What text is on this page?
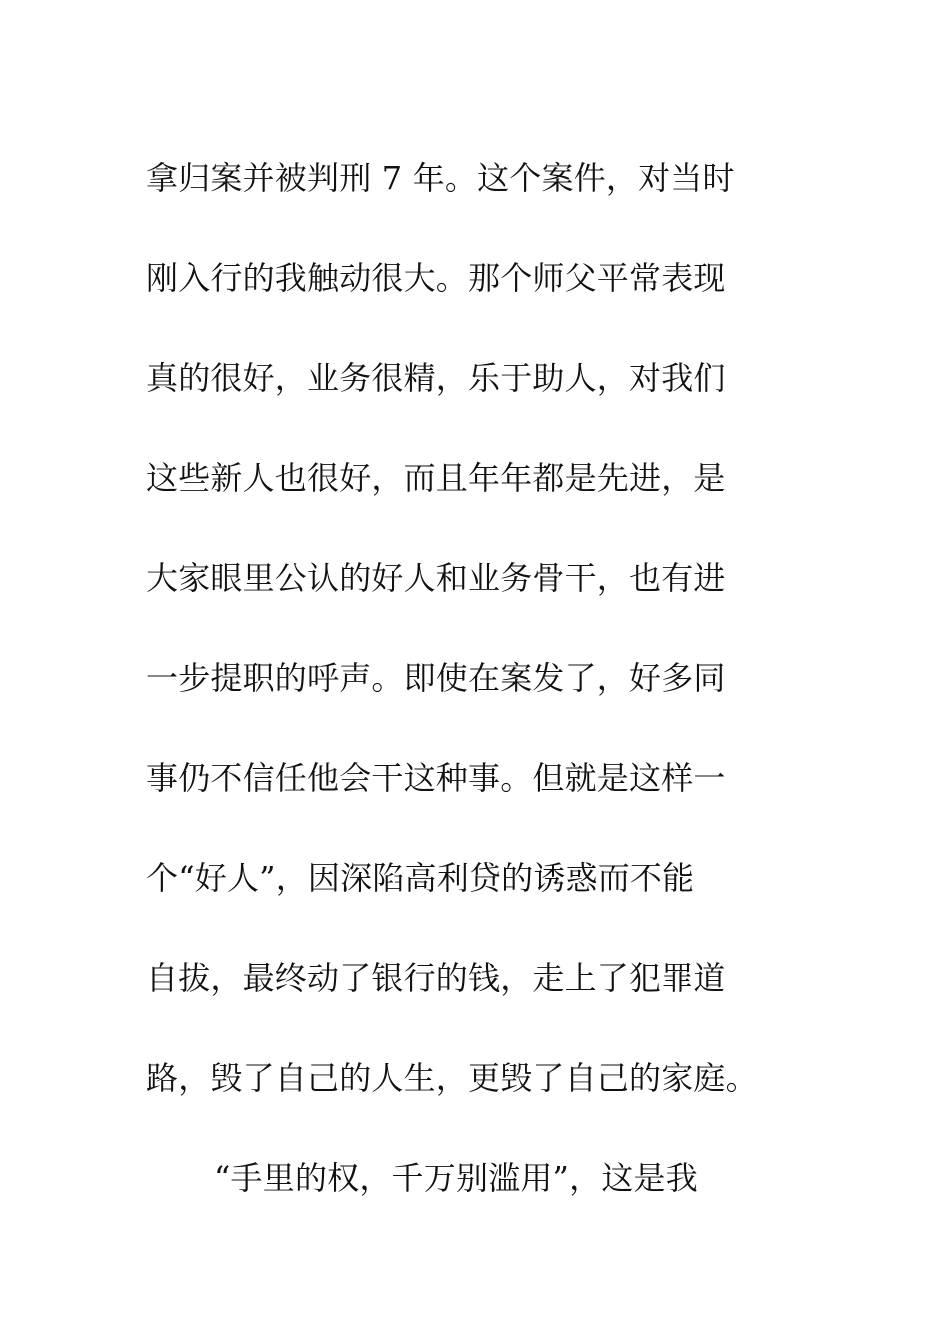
拿归案并被判刑 7 年。这个案件，对当时
刚入行的我触动很大。那个师父平常表现
真的很好，业务很精，乐于助人，对我们
这些新人也很好，而且年年都是先进，是
大家眼里公认的好人和业务骨干，也有进
一步提职的呼声。即使在案发了，好多同
事仍不信任他会干这种事。但就是这样一
个“好人”，因深陷高利贷的诱惑而不能
自拔，最终动了银行的钱，走上了犯罪道
路，毁了自己的人生，更毁了自己的家庭。
“手里的权，千万别滥用”，这是我
